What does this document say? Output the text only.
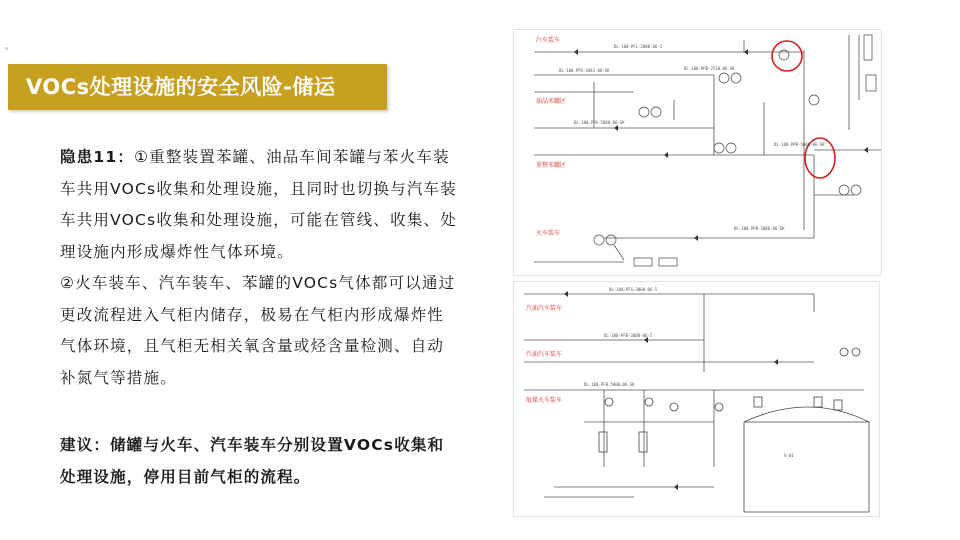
VOCs处理设施的安全风险-储运

隐患11：①重整装置苯罐、油品车间苯罐与苯火车装车共用VOCs收集和处理设施，且同时也切换与汽车装车共用VOCs收集和处理设施，可能在管线、收集、处理设施内形成爆炸性气体环境。

②火车装车、汽车装车、苯罐的VOCs气体都可以通过更改流程进入气柜内储存，极易在气柜内形成爆炸性气体环境，且气柜无相关氧含量或烃含量检测、自动补氮气等措施。

建议：储罐与火车、汽车装车分别设置VOCs收集和处理设施，停用目前气柜的流程。
DL-100-PFL-2000-06-5
DL-100-PPG-4441-06-SK	DL-100-PPB-2510-06-SK
DL-100-PPB-5000-06-SK
DL-100-PPG-5000-06-SK
DL-100-PPB-5000-06-SK
汽车装车
油品苯罐区
重整苯罐区
火车装车
DL-100-PFG-3000-06-5
DL-100-PFB-2000-06-5
DL-100-PFB-5000-06-SK
V-01
汽油汽车装车
汽油汽车装车
航煤火车装车
